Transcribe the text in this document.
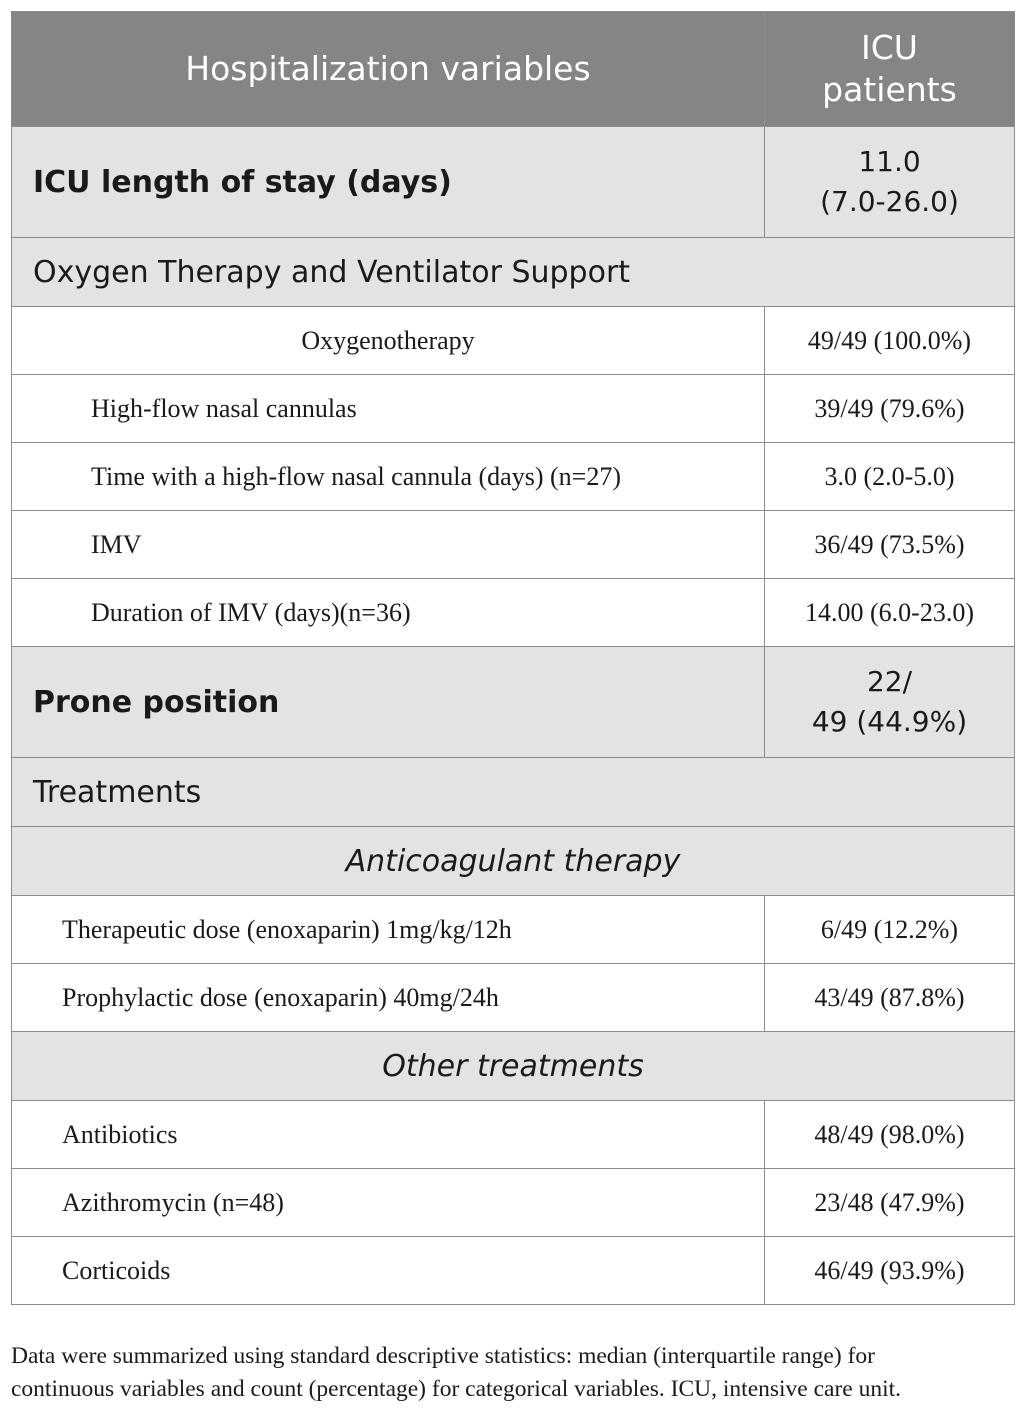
Hospitalization variables	ICU
patients

ICU length of stay (days)	11.0
(7.0-26.0)

Oxygen Therapy and Ventilator Support	
Oxygenotherapy	49/49 (100.0%)
High-flow nasal cannulas	39/49 (79.6%)
Time with a high-flow nasal cannula (days) (n=27)	3.0 (2.0-5.0)
IMV	36/49 (73.5%)
Duration of IMV (days)(n=36)	14.00 (6.0-23.0)
Prone position	22/
49 (44.9%)

Treatments	
Anticoagulant therapy	
Therapeutic dose (enoxaparin) 1mg/kg/12h	6/49 (12.2%)
Prophylactic dose (enoxaparin) 40mg/24h	43/49 (87.8%)
Other treatments	
Antibiotics	48/49 (98.0%)
Azithromycin (n=48)	23/48 (47.9%)
Corticoids	46/49 (93.9%)
Data were summarized using standard descriptive statistics: median (interquartile range) for
continuous variables and count (percentage) for categorical variables. ICU, intensive care unit.
